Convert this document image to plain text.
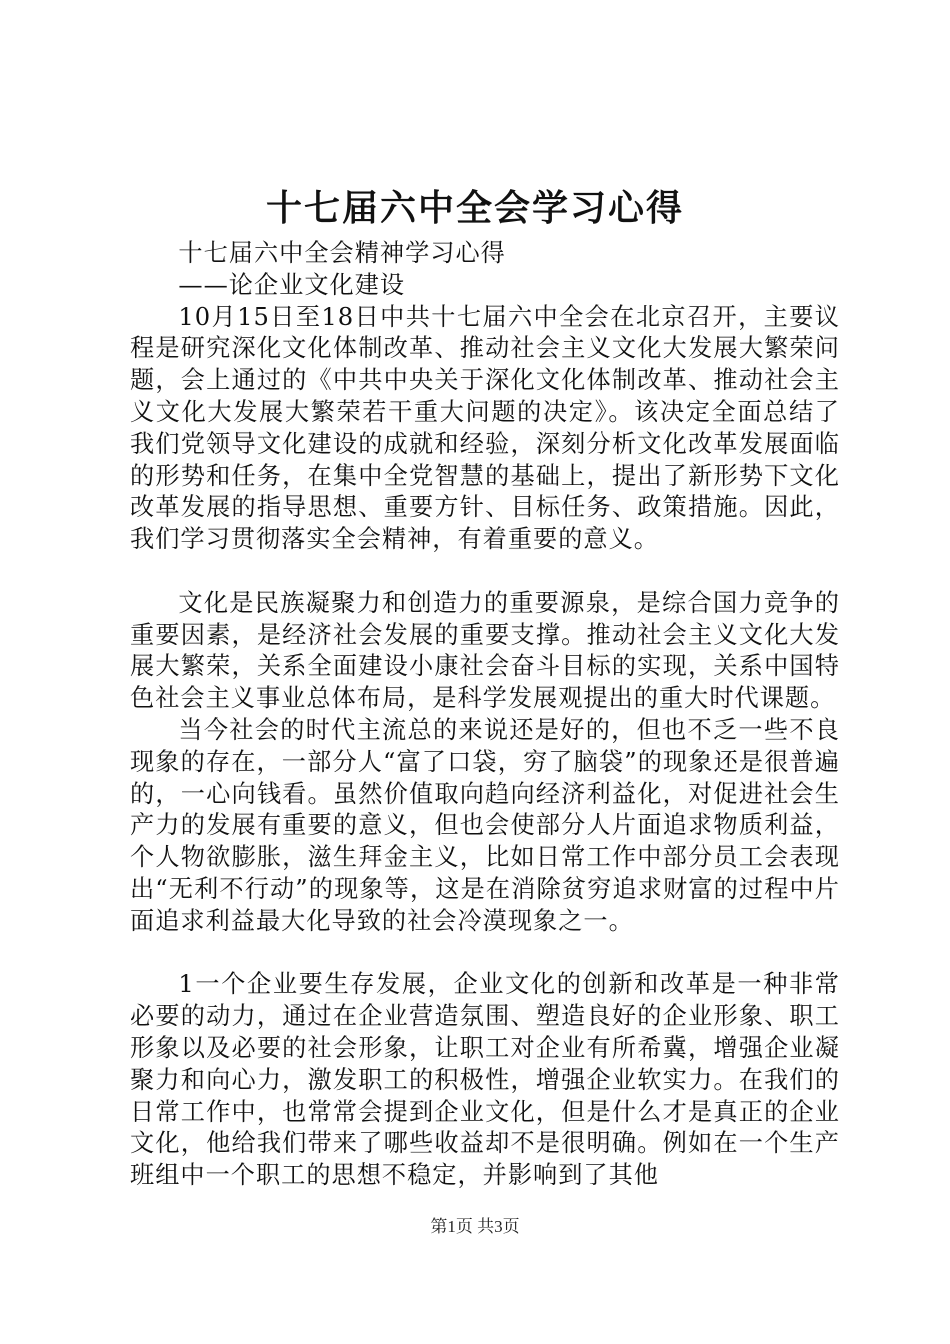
十七届六中全会学习心得

十七届六中全会精神学习心得

——论企业文化建设

10月15日至18日中共十七届六中全会在北京召开，主要议程是研究深化文化体制改革、推动社会主义文化大发展大繁荣问题，会上通过的《中共中央关于深化文化体制改革、推动社会主义文化大发展大繁荣若干重大问题的决定》。该决定全面总结了我们党领导文化建设的成就和经验，深刻分析文化改革发展面临的形势和任务，在集中全党智慧的基础上，提出了新形势下文化改革发展的指导思想、重要方针、目标任务、政策措施。因此，我们学习贯彻落实全会精神，有着重要的意义。

文化是民族凝聚力和创造力的重要源泉，是综合国力竞争的重要因素，是经济社会发展的重要支撑。推动社会主义文化大发展大繁荣，关系全面建设小康社会奋斗目标的实现，关系中国特色社会主义事业总体布局，是科学发展观提出的重大时代课题。

当今社会的时代主流总的来说还是好的，但也不乏一些不良现象的存在，一部分人“富了口袋，穷了脑袋”的现象还是很普遍的，一心向钱看。虽然价值取向趋向经济利益化，对促进社会生产力的发展有重要的意义，但也会使部分人片面追求物质利益，个人物欲膨胀，滋生拜金主义，比如日常工作中部分员工会表现出“无利不行动”的现象等，这是在消除贫穷追求财富的过程中片面追求利益最大化导致的社会冷漠现象之一。

1一个企业要生存发展，企业文化的创新和改革是一种非常必要的动力，通过在企业营造氛围、塑造良好的企业形象、职工形象以及必要的社会形象，让职工对企业有所希冀，增强企业凝聚力和向心力，激发职工的积极性，增强企业软实力。在我们的日常工作中，也常常会提到企业文化，但是什么才是真正的企业文化，他给我们带来了哪些收益却不是很明确。例如在一个生产班组中一个职工的思想不稳定，并影响到了其他

第1页 共3页
